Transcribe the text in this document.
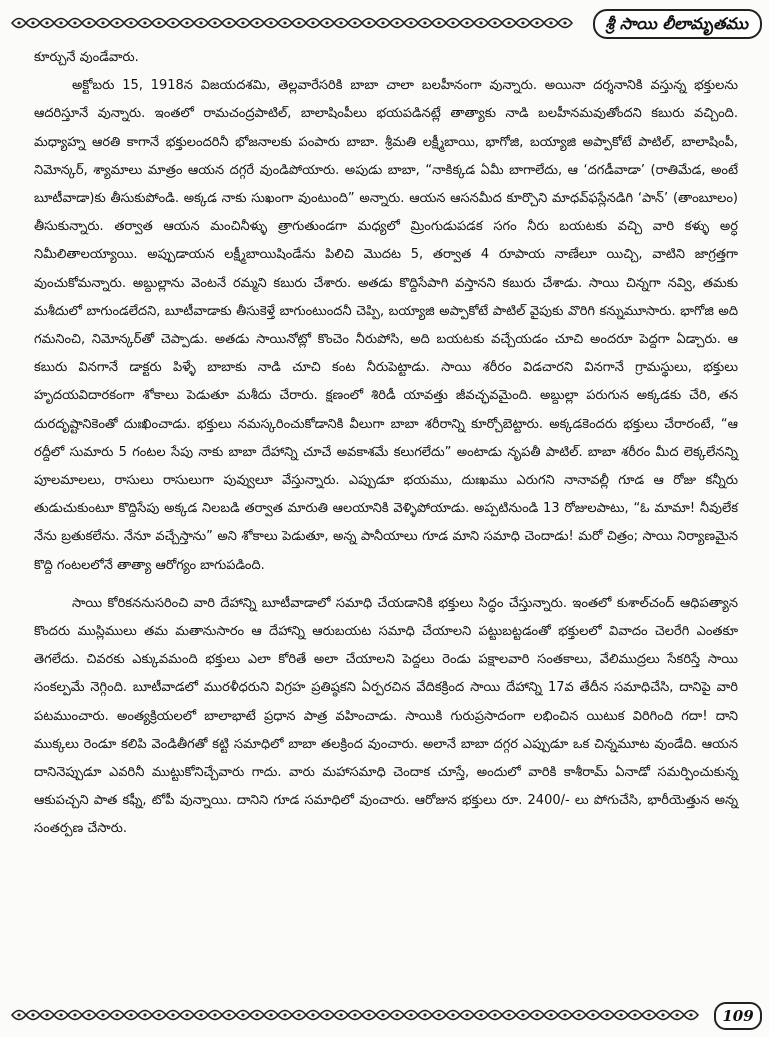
శ్రీ సాయి లీలామృతము

కూర్చునే వుండేవారు.

అక్టోబరు 15, 1918న విజయదశమి, తెల్లవారేసరికి బాబా చాలా బలహీనంగా వున్నారు. అయినా దర్శనానికి వస్తున్న భక్తులను ఆదరిస్తూనే వున్నారు. ఇంతలో రామచంద్రపాటిల్, బాలాషింపీలు భయపడినట్లే తాత్యాకు నాడి బలహీనమవుతోందని కబురు వచ్చింది. మధ్యాహ్న ఆరతి కాగానే భక్తులందరినీ భోజనాలకు పంపారు బాబా. శ్రీమతి లక్ష్మీబాయి, భాగోజి, బయ్యాజి అప్పాకోటే పాటిల్, బాలాషింపీ, నిమోన్కర్, శ్యామాలు మాత్రం ఆయన దగ్గరే వుండిపోయారు. అపుడు బాబా, “నాకిక్కడ ఏమీ బాగాలేదు, ఆ ‘దగడీవాడా’ (రాతిమేడ, అంటే బూటీవాడా)కు తీసుకుపోండి. అక్కడ నాకు సుఖంగా వుంటుంది” అన్నారు. ఆయన ఆసనమీద కూర్చొని మాధవ్‌ఫస్లేనడిగి ‘పాన్’ (తాంబూలం) తీసుకున్నారు. తర్వాత ఆయన మంచినీళ్ళు త్రాగుతుండగా మధ్యలో మ్రింగుడుపడక సగం నీరు బయటకు వచ్చి వారి కళ్ళు అర్ధ నిమీలితాలయ్యాయి. అప్పుడాయన లక్ష్మీబాయిషిండేను పిలిచి మొదట 5, తర్వాత 4 రూపాయ నాణేలూ యిచ్చి, వాటిని జాగ్రత్తగా వుంచుకోమన్నారు. అబ్దుల్లాను వెంటనే రమ్మని కబురు చేశారు. అతడు కొద్దిసేపాగి వస్తానని కబురు చేశాడు. సాయి చిన్నగా నవ్వి, తమకు మశీదులో బాగుండలేదని, బూటీవాడాకు తీసుకెళ్తే బాగుంటుందనీ చెప్పి, బయ్యాజి అప్పాకోటే పాటిల్ వైపుకు వొరిగి కన్నుమూసారు. భాగోజి అది గమనించి, నిమోన్కర్‌తో చెప్పాడు. అతడు సాయినోట్లో కొంచెం నీరుపోసి, అది బయటకు వచ్చేయడం చూచి అందరూ పెద్దగా ఏడ్చారు. ఆ కబురు వినగానే డాక్టరు పిళ్ళే బాబాకు నాడి చూచి కంట నీరుపెట్టాడు. సాయి శరీరం విడచారని వినగానే గ్రామస్థులు, భక్తులు హృదయవిదారకంగా శోకాలు పెడుతూ మశీదు చేరారు. క్షణంలో శిరిడీ యావత్తు జీవచ్ఛవమైంది. అబ్దుల్లా పరుగున అక్కడకు చేరి, తన దురదృష్టానికెంతో దుఃఖించాడు. భక్తులు నమస్కరించుకోడానికి వీలుగా బాబా శరీరాన్ని కూర్చోబెట్టారు. అక్కడకెందరు భక్తులు చేరారంటే, “ఆ రద్దీలో సుమారు 5 గంటల సేపు నాకు బాబా దేహాన్ని చూచే అవకాశమే కలుగలేదు” అంటాడు నృపతీ పాటిల్. బాబా శరీరం మీద లెక్కలేనన్ని పూలమాలలు, రాసులు రాసులుగా పువ్వులూ వేస్తున్నారు. ఎప్పుడూ భయము, దుఃఖము ఎరుగని నానావల్లీ గూడ ఆ రోజు కన్నీరు తుడుచుకుంటూ కొద్దిసేపు అక్కడ నిలబడి తర్వాత మారుతి ఆలయానికి వెళ్ళిపోయాడు. అప్పటినుండి 13 రోజులపాటు, “ఓ మామా! నీవులేక నేను బ్రతుకలేను. నేనూ వచ్చేస్తాను” అని శోకాలు పెడుతూ, అన్న పానీయాలు గూడ మాని సమాధి చెందాడు! మరో చిత్రం; సాయి నిర్యాణమైన కొద్ది గంటలలోనే తాత్యా ఆరోగ్యం బాగుపడింది.

సాయి కోరికననుసరించి వారి దేహాన్ని బూటీవాడాలో సమాధి చేయడానికి భక్తులు సిద్ధం చేస్తున్నారు. ఇంతలో కుశాల్‌చంద్ ఆధిపత్యాన కొందరు ముస్లిములు తమ మతానుసారం ఆ దేహాన్ని ఆరుబయట సమాధి చేయాలని పట్టుబట్టడంతో భక్తులలో వివాదం చెలరేగి ఎంతకూ తెగలేదు. చివరకు ఎక్కువమంది భక్తులు ఎలా కోరితే అలా చేయాలని పెద్దలు రెండు పక్షాలవారి సంతకాలు, వేలిముద్రలు సేకరిస్తే సాయి సంకల్పమే నెగ్గింది. బూటీవాడలో మురళీధరుని విగ్రహ ప్రతిష్ఠకని ఏర్పరచిన వేదికక్రింద సాయి దేహాన్ని 17వ తేదీన సమాధిచేసి, దానిపై వారి పటముంచారు. అంత్యక్రియలలో బాలాభాటే ప్రధాన పాత్ర వహించాడు. సాయికి గురుప్రసాదంగా లభించిన యిటుక విరిగింది గదా! దాని ముక్కలు రెండూ కలిపి వెండితీగతో కట్టి సమాధిలో బాబా తలక్రింద వుంచారు. అలానే బాబా దగ్గర ఎప్పుడూ ఒక చిన్నమూట వుండేది. ఆయన దానినెప్పుడూ ఎవరినీ ముట్టుకోనిచ్చేవారు గాదు. వారు మహాసమాధి చెందాక చూస్తే, అందులో వారికి కాశీరామ్ ఏనాడో సమర్పించుకున్న ఆకుపచ్చని పాత కఫ్నీ, టోపీ వున్నాయి. దానిని గూడ సమాధిలో వుంచారు. ఆరోజున భక్తులు రూ. 2400/- లు పోగుచేసి, భారీయెత్తున అన్న సంతర్పణ చేసారు.

109
